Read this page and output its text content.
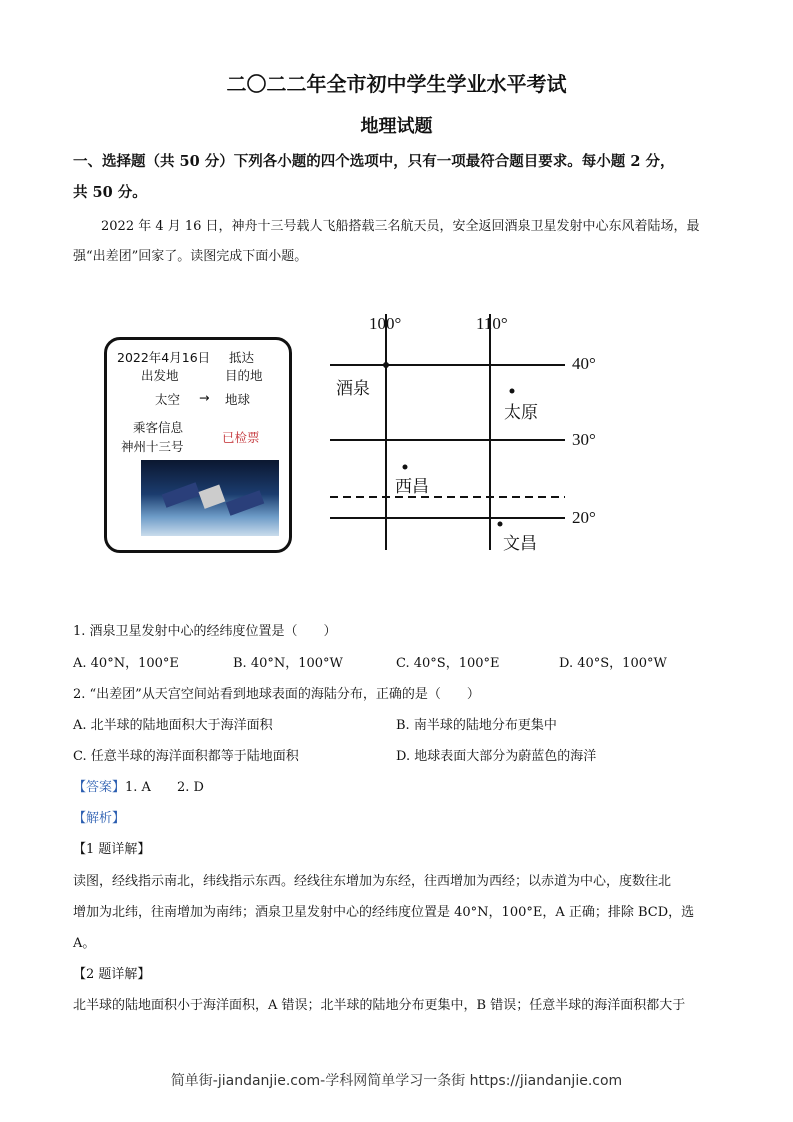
二〇二二年全市初中学生学业水平考试
地理试题
一、选择题（共 50 分）下列各小题的四个选项中，只有一项最符合题目要求。每小题 2 分，
共 50 分。
2022 年 4 月 16 日，神舟十三号载人飞船搭载三名航天员，安全返回酒泉卫星发射中心东风着陆场，最
强“出差团”回家了。读图完成下面小题。
2022年4月16日 抵达
出发地	目的地
太空 → 地球
乘客信息
神州十三号
已检票
100°	110°
40°
30°
20°
酒泉
太原
西昌
文昌
1. 酒泉卫星发射中心的经纬度位置是（　　）
A. 40°N，100°E	B. 40°N，100°W	C. 40°S，100°E	D. 40°S，100°W
2. “出差团”从天宫空间站看到地球表面的海陆分布，正确的是（　　）
A. 北半球的陆地面积大于海洋面积	B. 南半球的陆地分布更集中
C. 任意半球的海洋面积都等于陆地面积	D. 地球表面大部分为蔚蓝色的海洋
【答案】1. A　　2. D
【解析】
【1 题详解】
读图，经线指示南北，纬线指示东西。经线往东增加为东经，往西增加为西经；以赤道为中心，度数往北
增加为北纬，往南增加为南纬；酒泉卫星发射中心的经纬度位置是 40°N，100°E，A 正确；排除 BCD，选
A。
【2 题详解】
北半球的陆地面积小于海洋面积，A 错误；北半球的陆地分布更集中，B 错误；任意半球的海洋面积都大于
简单街-jiandanjie.com-学科网简单学习一条街 https://jiandanjie.com
